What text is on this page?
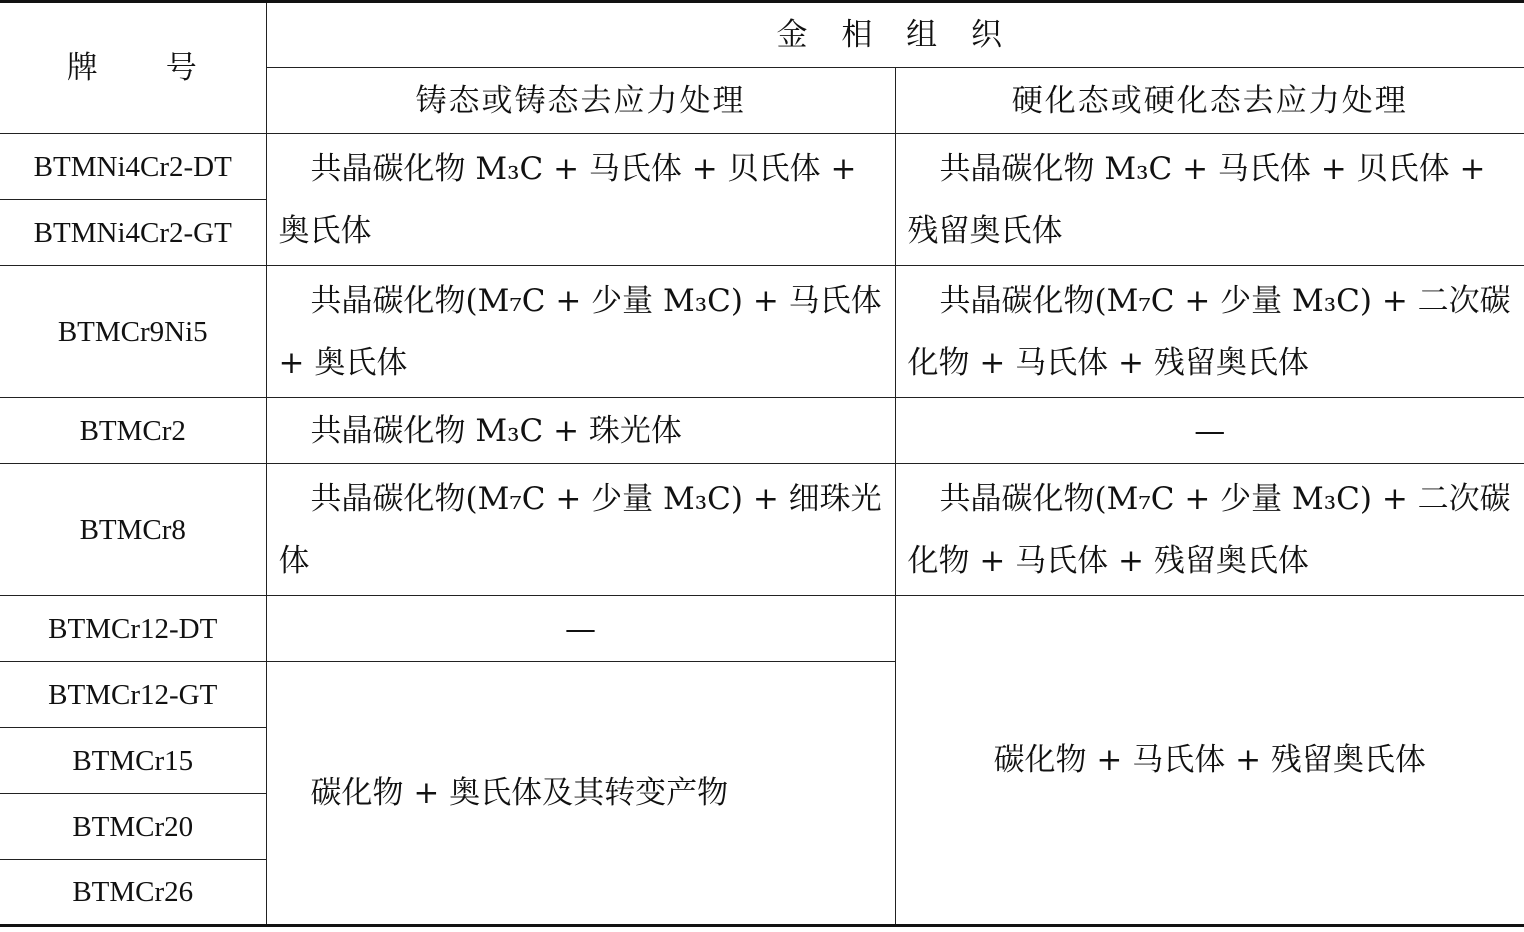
牌　　号	金 相 组 织	
	铸态或铸态去应力处理	硬化态或硬化态去应力处理
BTMNi4Cr2-DT	共晶碳化物 M₃C + 马氏体 + 贝氏体 + 奥氏体	共晶碳化物 M₃C + 马氏体 + 贝氏体 + 残留奥氏体
BTMNi4Cr2-GT		
BTMCr9Ni5	共晶碳化物(M₇C + 少量 M₃C) + 马氏体 + 奥氏体	共晶碳化物(M₇C + 少量 M₃C) + 二次碳化物 + 马氏体 + 残留奥氏体
BTMCr2	共晶碳化物 M₃C + 珠光体	—
BTMCr8	共晶碳化物(M₇C + 少量 M₃C) + 细珠光体	共晶碳化物(M₇C + 少量 M₃C) + 二次碳化物 + 马氏体 + 残留奥氏体
BTMCr12-DT	—	碳化物 + 马氏体 + 残留奥氏体
BTMCr12-GT	碳化物 + 奥氏体及其转变产物	
BTMCr15		
BTMCr20		
BTMCr26		
